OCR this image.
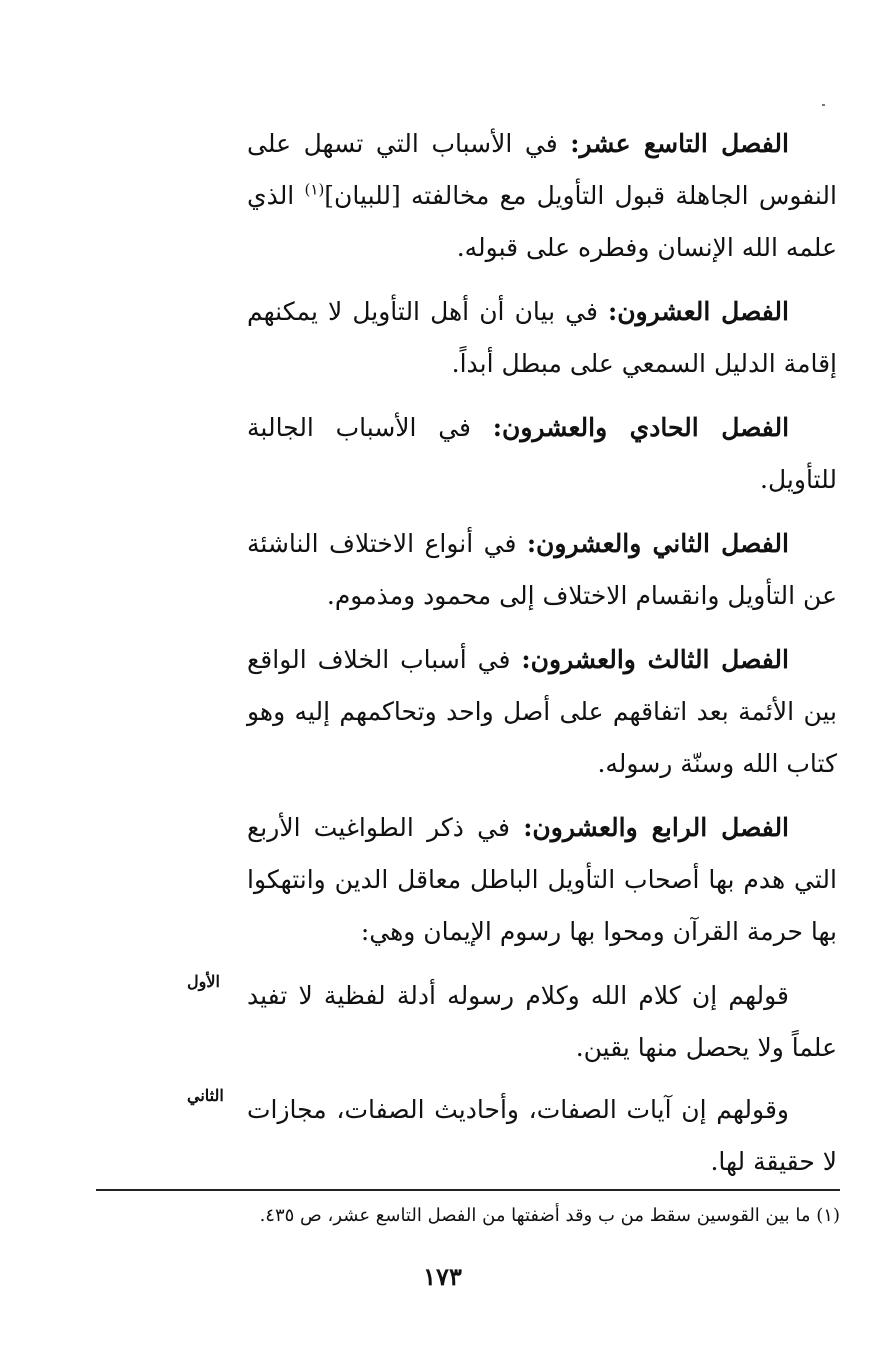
الفصل التاسع عشر: في الأسباب التي تسهل على النفوس الجاهلة قبول التأويل مع مخالفته [للبيان]$^{(١)}$ الذي علمه الله الإنسان وفطره على قبوله.

الفصل العشرون: في بيان أن أهل التأويل لا يمكنهم إقامة الدليل السمعي على مبطل أبداً.

الفصل الحادي والعشرون: في الأسباب الجالبة للتأويل.

الفصل الثاني والعشرون: في أنواع الاختلاف الناشئة عن التأويل وانقسام الاختلاف إلى محمود ومذموم.

الفصل الثالث والعشرون: في أسباب الخلاف الواقع بين الأئمة بعد اتفاقهم على أصل واحد وتحاكمهم إليه وهو كتاب الله وسنّة رسوله.

الفصل الرابع والعشرون: في ذكر الطواغيت الأربع التي هدم بها أصحاب التأويل الباطل معاقل الدين وانتهكوا بها حرمة القرآن ومحوا بها رسوم الإيمان وهي:

الأول قولهم إن كلام الله وكلام رسوله أدلة لفظية لا تفيد علماً ولا يحصل منها يقين.

الثاني وقولهم إن آيات الصفات، وأحاديث الصفات، مجازات لا حقيقة لها.

(١) ما بين القوسين سقط من ب وقد أضفتها من الفصل التاسع عشر، ص ٤٣٥.
١٧٣
